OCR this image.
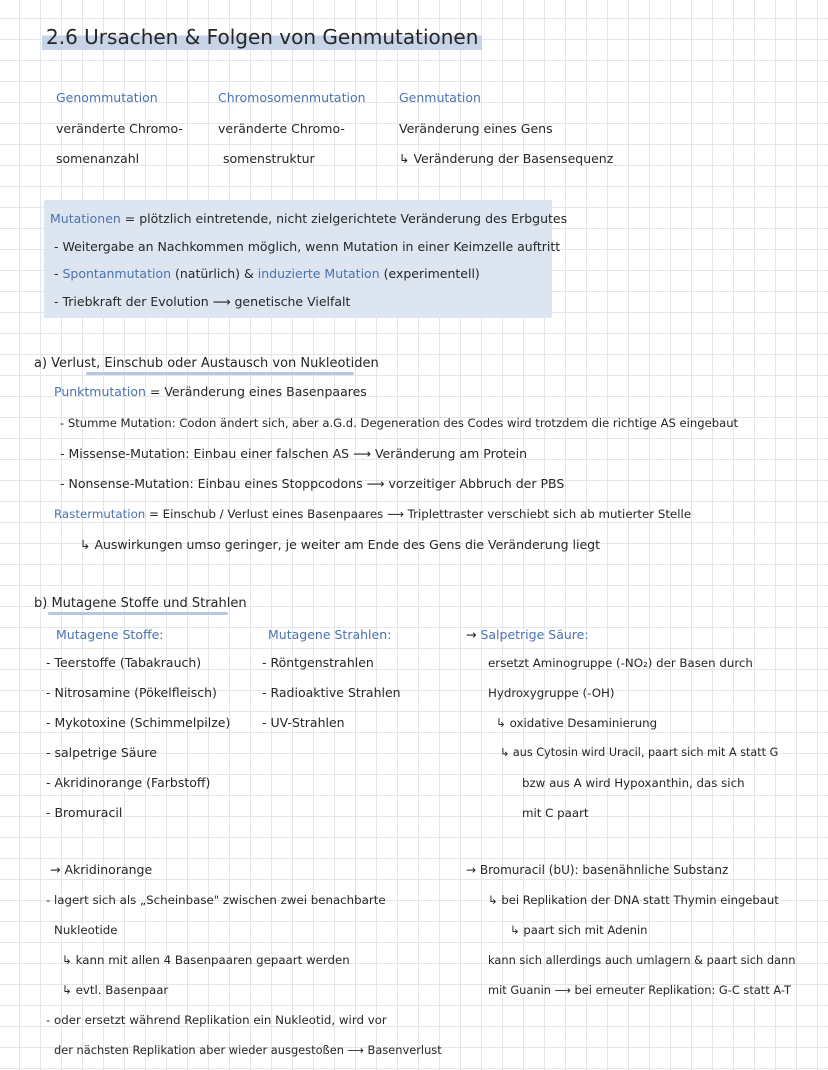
2.6 Ursachen & Folgen von Genmutationen
Genommutation
veränderte Chromo-
somenanzahl
Chromosomenmutation
veränderte Chromo-
somenstruktur
Genmutation
Veränderung eines Gens
↳ Veränderung der Basensequenz
Mutationen = plötzlich eintretende, nicht zielgerichtete Veränderung des Erbgutes
- Weitergabe an Nachkommen möglich, wenn Mutation in einer Keimzelle auftritt
- Spontanmutation (natürlich) & induzierte Mutation (experimentell)
- Triebkraft der Evolution ⟶ genetische Vielfalt
a) Verlust, Einschub oder Austausch von Nukleotiden
Punktmutation = Veränderung eines Basenpaares
- Stumme Mutation: Codon ändert sich, aber a.G.d. Degeneration des Codes wird trotzdem die richtige AS eingebaut
- Missense-Mutation: Einbau einer falschen AS ⟶ Veränderung am Protein
- Nonsense-Mutation: Einbau eines Stoppcodons ⟶ vorzeitiger Abbruch der PBS
Rastermutation = Einschub / Verlust eines Basenpaares ⟶ Triplettraster verschiebt sich ab mutierter Stelle
↳ Auswirkungen umso geringer, je weiter am Ende des Gens die Veränderung liegt
b) Mutagene Stoffe und Strahlen
Mutagene Stoffe:
- Teerstoffe (Tabakrauch)
- Nitrosamine (Pökelfleisch)
- Mykotoxine (Schimmelpilze)
- salpetrige Säure
- Akridinorange (Farbstoff)
- Bromuracil
Mutagene Strahlen:
- Röntgenstrahlen
- Radioaktive Strahlen
- UV-Strahlen
→ Salpetrige Säure:
ersetzt Aminogruppe (-NO₂) der Basen durch
Hydroxygruppe (-OH)
↳ oxidative Desaminierung
↳ aus Cytosin wird Uracil, paart sich mit A statt G
bzw aus A wird Hypoxanthin, das sich
mit C paart
→ Akridinorange
- lagert sich als „Scheinbase" zwischen zwei benachbarte
Nukleotide
↳ kann mit allen 4 Basenpaaren gepaart werden
↳ evtl. Basenpaar
- oder ersetzt während Replikation ein Nukleotid, wird vor
der nächsten Replikation aber wieder ausgestoßen ⟶ Basenverlust
→ Bromuracil (bU): basenähnliche Substanz
↳ bei Replikation der DNA statt Thymin eingebaut
↳ paart sich mit Adenin
kann sich allerdings auch umlagern & paart sich dann
mit Guanin ⟶ bei erneuter Replikation: G-C statt A-T
